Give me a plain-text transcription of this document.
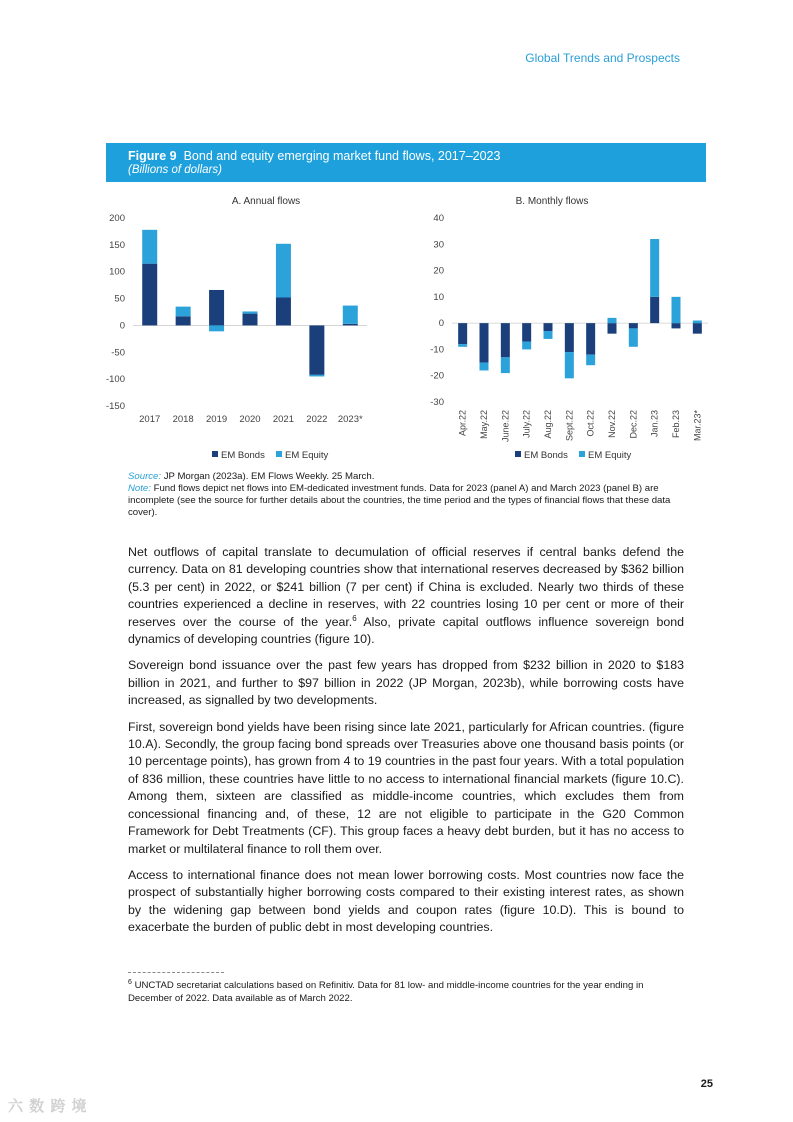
Global Trends and Prospects
Figure 9 Bond and equity emerging market fund flows, 2017–2023
(Billions of dollars)
A. Annual flows
200
150
100
50
0
-50
-100
-150
2017 2018 2019 2020 2021 2022 2023*
EM Bonds EM Equity
B. Monthly flows
40
30
20
10
0
-10
-20
-30
Apr.22 May.22 June.22 July.22 Aug.22 Sept.22 Oct.22 Nov.22 Dec.22 Jan.23 Feb.23 Mar.23*
EM Bonds EM Equity
Source: JP Morgan (2023a). EM Flows Weekly. 25 March.
Note: Fund flows depict net flows into EM-dedicated investment funds. Data for 2023 (panel A) and March 2023 (panel B) are incomplete (see the source for further details about the countries, the time period and the types of financial flows that these data cover).

Net outflows of capital translate to decumulation of official reserves if central banks defend the currency. Data on 81 developing countries show that international reserves decreased by $362 billion (5.3 per cent) in 2022, or $241 billion (7 per cent) if China is excluded. Nearly two thirds of these countries experienced a decline in reserves, with 22 countries losing 10 per cent or more of their reserves over the course of the year.$^6$ Also, private capital outflows influence sovereign bond dynamics of developing countries (figure 10).

Sovereign bond issuance over the past few years has dropped from $232 billion in 2020 to $183 billion in 2021, and further to $97 billion in 2022 (JP Morgan, 2023b), while borrowing costs have increased, as signalled by two developments.

First, sovereign bond yields have been rising since late 2021, particularly for African countries. (figure 10.A). Secondly, the group facing bond spreads over Treasuries above one thousand basis points (or 10 percentage points), has grown from 4 to 19 countries in the past four years. With a total population of 836 million, these countries have little to no access to international financial markets (figure 10.C). Among them, sixteen are classified as middle-income countries, which excludes them from concessional financing and, of these, 12 are not eligible to participate in the G20 Common Framework for Debt Treatments (CF). This group faces a heavy debt burden, but it has no access to market or multilateral finance to roll them over.

Access to international finance does not mean lower borrowing costs. Most countries now face the prospect of substantially higher borrowing costs compared to their existing interest rates, as shown by the widening gap between bond yields and coupon rates (figure 10.D). This is bound to exacerbate the burden of public debt in most developing countries.

$^6$ UNCTAD secretariat calculations based on Refinitiv. Data for 81 low- and middle-income countries for the year ending in December of 2022. Data available as of March 2022.
25
六 数 跨 境
